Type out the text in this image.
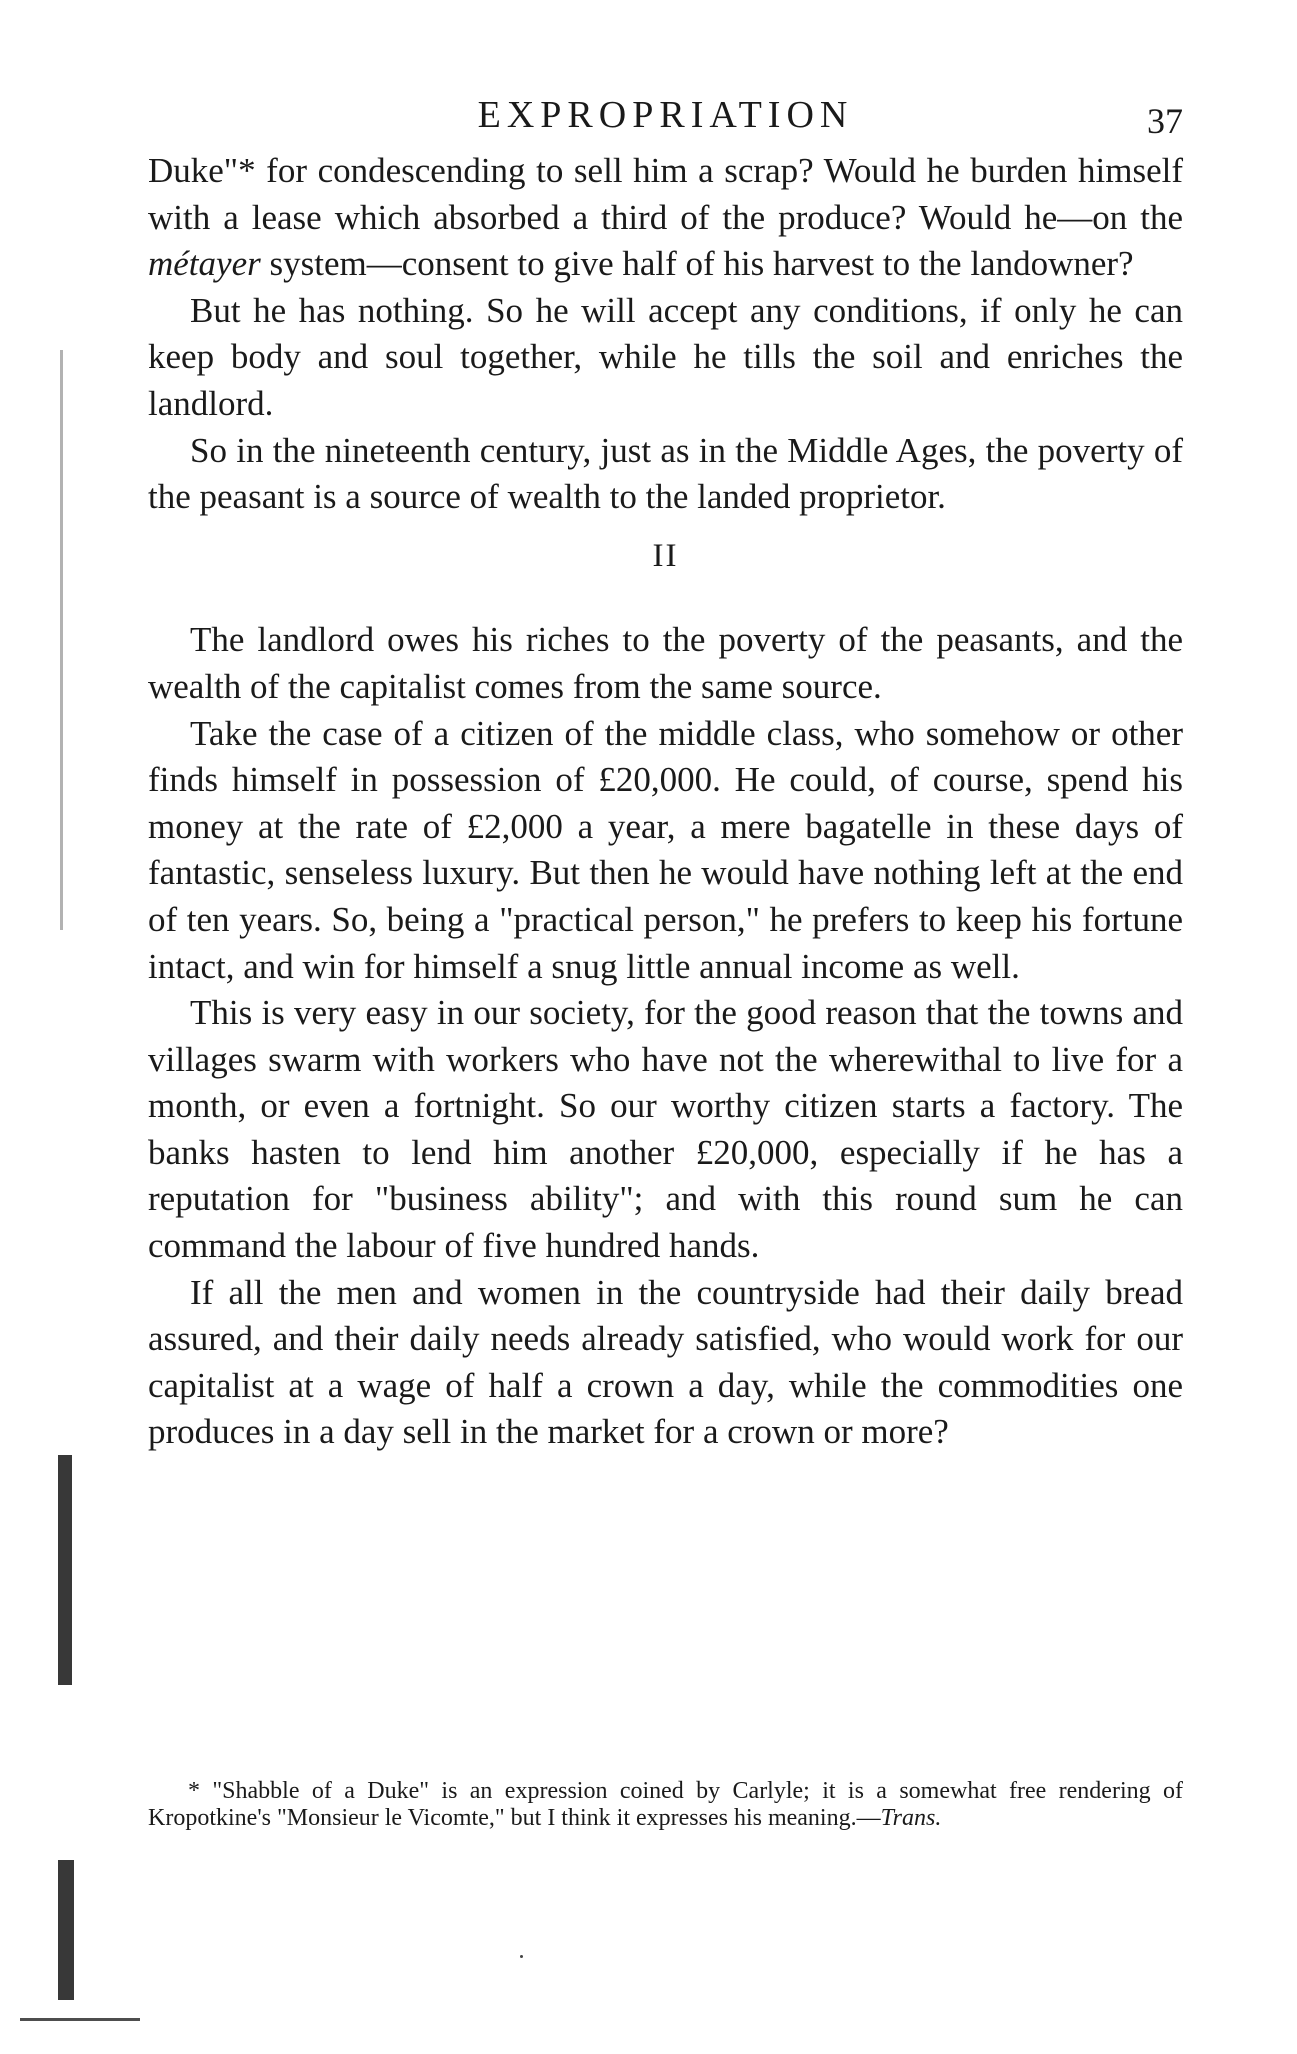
EXPROPRIATION	37

Duke"* for condescending to sell him a scrap? Would he burden himself with a lease which absorbed a third of the produce? Would he—on the métayer system—consent to give half of his harvest to the landowner?

But he has nothing. So he will accept any conditions, if only he can keep body and soul together, while he tills the soil and enriches the landlord.

So in the nineteenth century, just as in the Middle Ages, the poverty of the peasant is a source of wealth to the landed proprietor.

II

The landlord owes his riches to the poverty of the peasants, and the wealth of the capitalist comes from the same source.

Take the case of a citizen of the middle class, who somehow or other finds himself in possession of £20,000. He could, of course, spend his money at the rate of £2,000 a year, a mere bagatelle in these days of fantastic, senseless luxury. But then he would have nothing left at the end of ten years. So, being a "practical person," he prefers to keep his fortune intact, and win for himself a snug little annual income as well.

This is very easy in our society, for the good reason that the towns and villages swarm with workers who have not the wherewithal to live for a month, or even a fortnight. So our worthy citizen starts a factory. The banks hasten to lend him another £20,000, especially if he has a reputation for "business ability"; and with this round sum he can command the labour of five hundred hands.

If all the men and women in the countryside had their daily bread assured, and their daily needs already satisfied, who would work for our capitalist at a wage of half a crown a day, while the commodities one produces in a day sell in the market for a crown or more?

* "Shabble of a Duke" is an expression coined by Carlyle; it is a somewhat free rendering of Kropotkine's "Monsieur le Vicomte," but I think it expresses his meaning.—Trans.
